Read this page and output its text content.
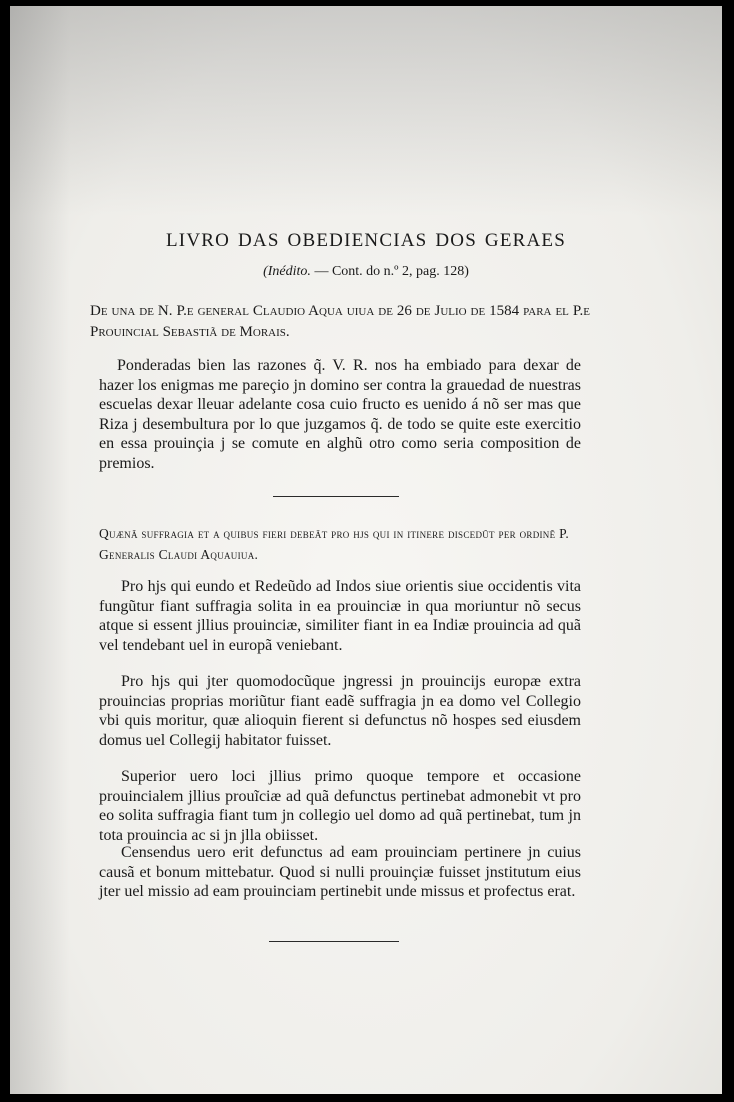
LIVRO DAS OBEDIENCIAS DOS GERAES
(Inédito. — Cont. do n.º 2, pag. 128)

De una de N. P.e general Claudio Aqua uiua de 26 de Julio de 1584 para el P.e Prouincial Sebastiã de Morais.

Ponderadas bien las razones q̃. V. R. nos ha embiado para dexar de hazer los enigmas me pareçio jn domino ser contra la grauedad de nuestras escuelas dexar lleuar adelante cosa cuio fructo es uenido á nõ ser mas que Riza j desembultura por lo que juzgamos q̃. de todo se quite este exercitio en essa prouinçia j se comute en alghũ otro como seria composition de premios.

Quænã suffragia et a quibus fieri debeãt pro hjs qui in itinere discedũt per ordinẽ P. Generalis Claudi Aquauiua.

Pro hjs qui eundo et Redeũdo ad Indos siue orientis siue occidentis vita fungũtur fiant suffragia solita in ea prouinciæ in qua moriuntur nõ secus atque si essent jllius prouinciæ, similiter fiant in ea Indiæ prouincia ad quã vel tendebant uel in europã veniebant.

Pro hjs qui jter quomodocũque jngressi jn prouincijs europæ extra prouincias proprias moriũtur fiant eadẽ suffragia jn ea domo vel Collegio vbi quis moritur, quæ alioquin fierent si defunctus nõ hospes sed eiusdem domus uel Collegij habitator fuisset.

Superior uero loci jllius primo quoque tempore et occasione prouincialem jllius prouĩciæ ad quã defunctus pertinebat admonebit vt pro eo solita suffragia fiant tum jn collegio uel domo ad quã pertinebat, tum jn tota prouincia ac si jn jlla obiisset.

Censendus uero erit defunctus ad eam prouinciam pertinere jn cuius causã et bonum mittebatur. Quod si nulli prouinçiæ fuisset jnstitutum eius jter uel missio ad eam prouinciam pertinebit unde missus et profectus erat.
